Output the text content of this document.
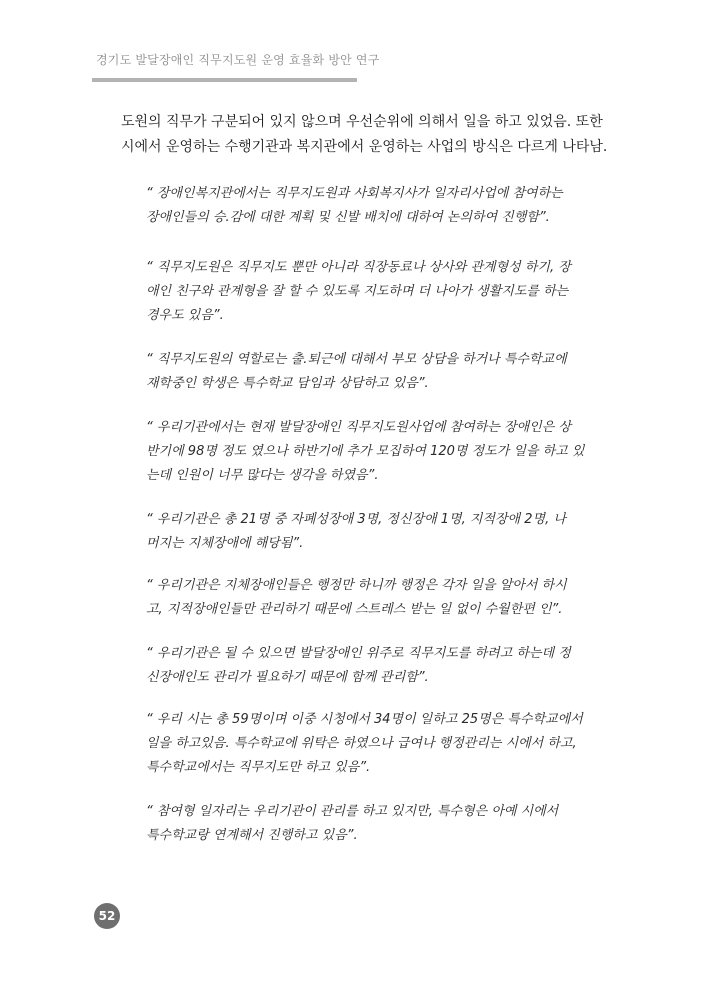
경기도 발달장애인 직무지도원 운영 효율화 방안 연구

도원의 직무가 구분되어 있지 않으며 우선순위에 의해서 일을 하고 있었음. 또한

시에서 운영하는 수행기관과 복지관에서 운영하는 사업의 방식은 다르게 나타남.

“ 장애인복지관에서는 직무지도원과 사회복지사가 일자리사업에 참여하는

장애인들의 승.감에 대한 계획 및 신발 배치에 대하여 논의하여 진행함”.

“ 직무지도원은 직무지도 뿐만 아니라 직장동료나 상사와 관계형성 하기, 장

애인 친구와 관계형을 잘 할 수 있도록 지도하며 더 나아가 생활지도를 하는

경우도 있음”.

“ 직무지도원의 역할로는 출.퇴근에 대해서 부모 상담을 하거나 특수학교에

재학중인 학생은 특수학교 담임과 상담하고 있음”.

“ 우리기관에서는 현재 발달장애인 직무지도원사업에 참여하는 장애인은 상

반기에 98명 정도 였으나 하반기에 추가 모집하여 120명 정도가 일을 하고 있

는데 인원이 너무 많다는 생각을 하였음”.

“ 우리기관은 총 21명 중 자폐성장애 3명, 정신장애 1명, 지적장애 2명, 나

머지는 지체장애에 해당됨”.

“ 우리기관은 지체장애인들은 행정만 하니까 행정은 각자 일을 알아서 하시

고, 지적장애인들만 관리하기 때문에 스트레스 받는 일 없이 수월한편 인”.

“ 우리기관은 될 수 있으면 발달장애인 위주로 직무지도를 하려고 하는데 정

신장애인도 관리가 필요하기 때문에 함께 관리함”.

“ 우리 시는 총 59명이며 이중 시청에서 34명이 일하고 25명은 특수학교에서

일을 하고있음. 특수학교에 위탁은 하였으나 급여나 행정관리는 시에서 하고,

특수학교에서는 직무지도만 하고 있음”.

“ 참여형 일자리는 우리기관이 관리를 하고 있지만, 특수형은 아예 시에서

특수학교랑 연계해서 진행하고 있음”.

52
